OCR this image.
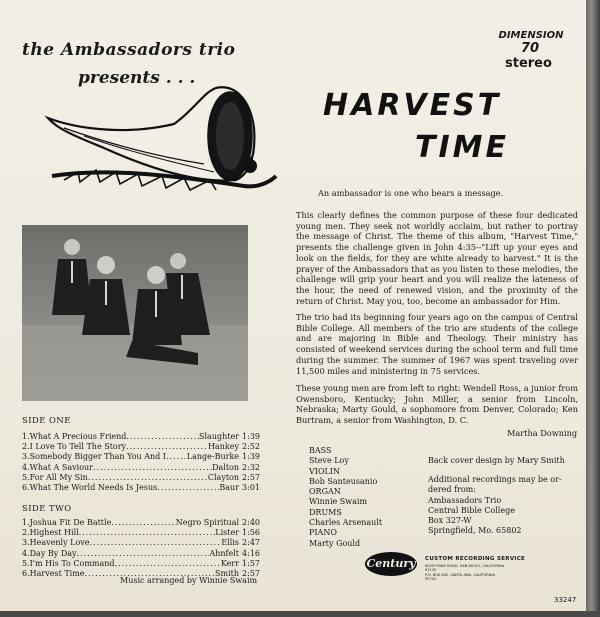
the Ambassadors trio
presents . . .
HARVEST
TIME
DIMENSION
70
stereo
An ambassador is one who bears a message.
This clearly defines the common purpose of these four dedicated young men. They seek not worldly acclaim, but rather to portray the message of Christ. The theme of this album, "Harvest Time," presents the challenge given in John 4:35--"Lift up your eyes and look on the fields, for they are white already to harvest." It is the prayer of the Ambassadors that as you listen to these melodies, the challenge will grip your heart and you will realize the lateness of the hour, the need of renewed vision, and the proximity of the return of Christ. May you, too, become an ambassador for Him.
The trio had its beginning four years ago on the campus of Central Bible College. All members of the trio are students of the college and are majoring in Bible and Theology. Their ministry has consisted of weekend services during the school term and full time during the summer. The summer of 1967 was spent traveling over 11,500 miles and ministering in 75 services.
These young men are from left to right: Wendell Ross, a junior from Owensboro, Kentucky; John Miller, a senior from Lincoln, Nebraska; Marty Gould, a sophomore from Denver, Colorado; Ken Burtram, a senior from Washington, D. C.
Martha Downing
SIDE ONE
1. What A Precious Friend .....	Slaughter 1:39
2. I Love To Tell The Story .....	Hankey 2:52
3. Somebody Bigger Than You And I .....	Lange-Burke 1:39
4. What A Saviour .....	Dalton 2:32
5. For All My Sin .....	Clayton 2:57
6. What The World Needs Is Jesus .....	Baur 3:01
SIDE TWO
1. Joshua Fit De Battle .....	Negro Spiritual 2:40
2. Highest Hill .....	Lister 1:56
3. Heavenly Love .....	Ellis 2:47
4. Day By Day .....	Ahnfelt 4:16
5. I'm His To Command .....	Kerr 1:57
6. Harvest Time .....	Smith 2:57
Music arranged by Winnie Swaim
BASS
Steve Loy
VIOLIN
Bob Santeusanio
ORGAN
Winnie Swaim
DRUMS
Charles Arsenault
PIANO
Marty Gould
Back cover design by Mary Smith
Additional recordings may be or-
dered from:
Ambassadors Trio
Central Bible College
Box 327-W
Springfield, Mo. 65802
Century CUSTOM RECORDING SERVICE
6550 FRIAR ROAD, SAN DIEGO, CALIFORNIA 92120
P.O. BOX 642, SANTA ANA, CALIFORNIA 92702
33247
